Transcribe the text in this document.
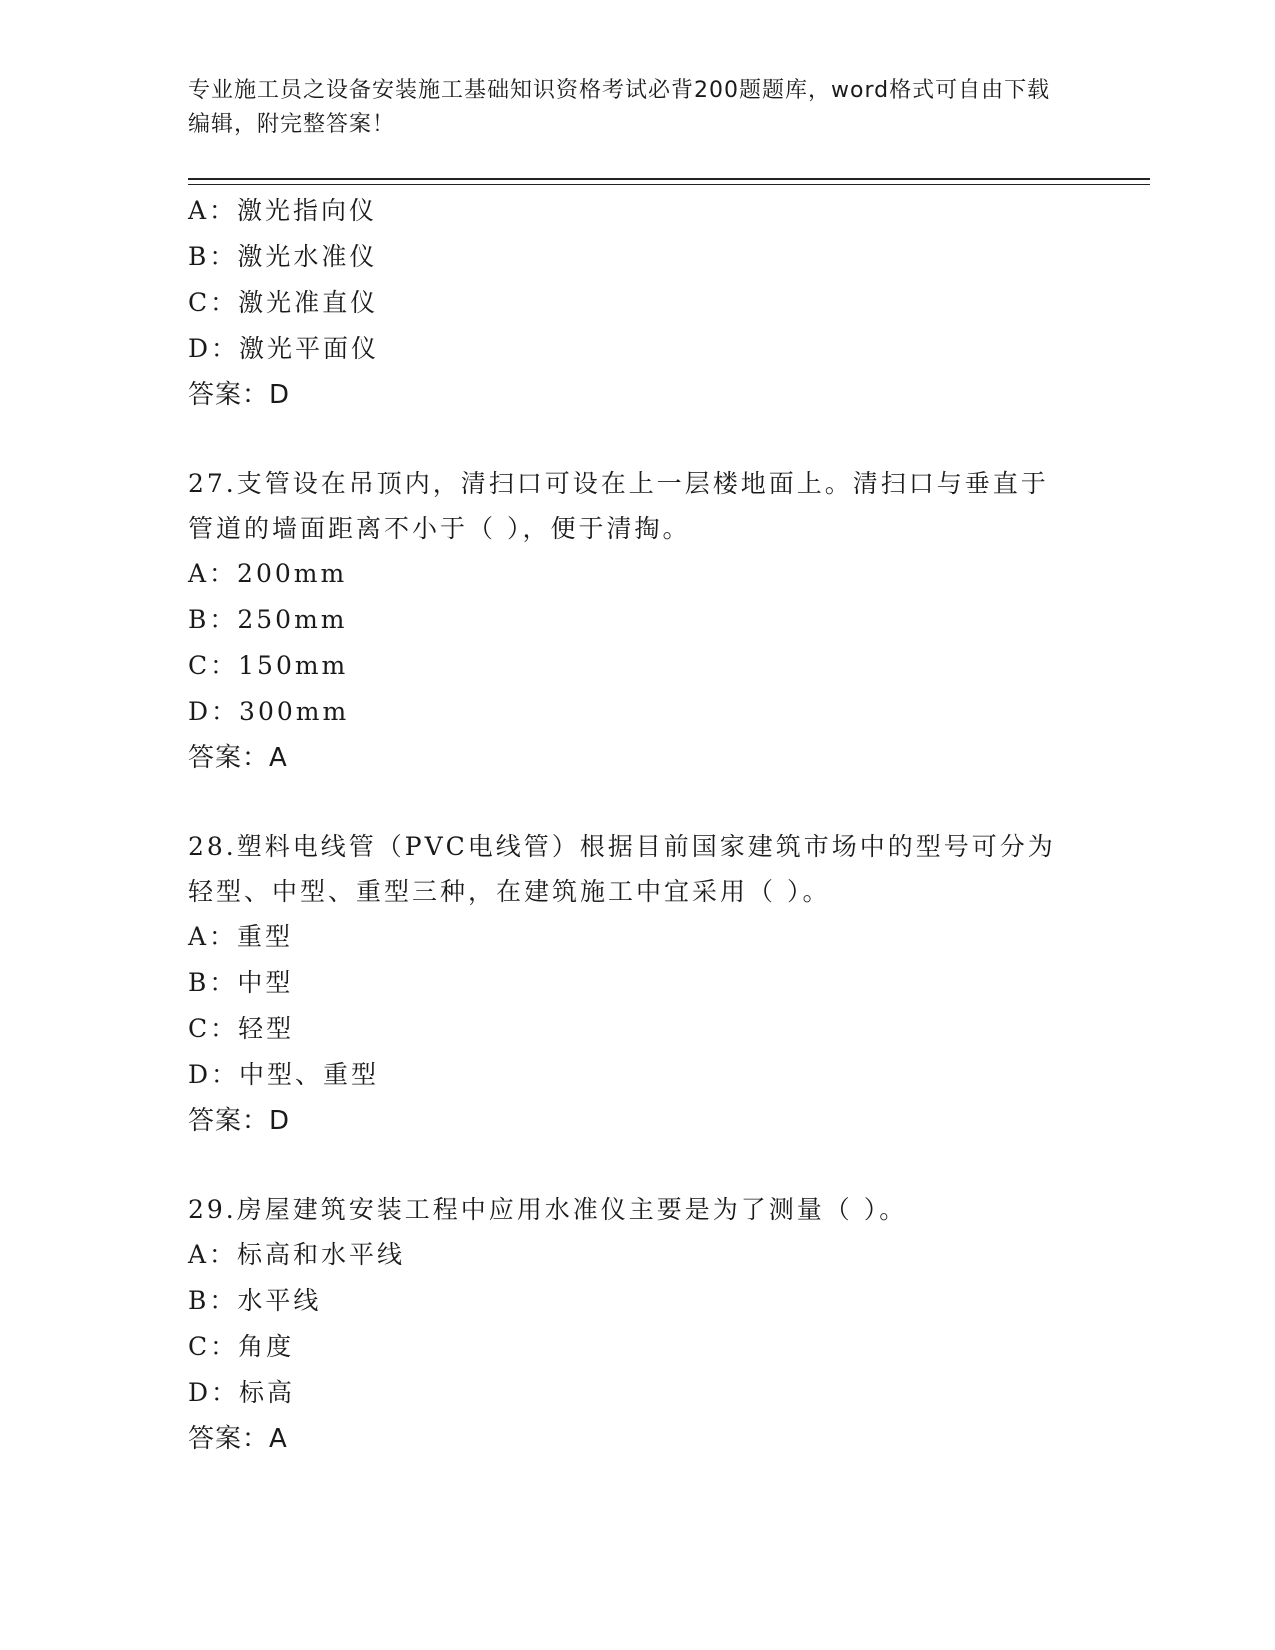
专业施工员之设备安装施工基础知识资格考试必背200题题库，word格式可自由下载编辑，附完整答案！
A：激光指向仪
B：激光水准仪
C：激光准直仪
D：激光平面仪
答案：D
27.支管设在吊顶内，清扫口可设在上一层楼地面上。清扫口与垂直于管道的墙面距离不小于（ ），便于清掏。
A：200mm
B：250mm
C：150mm
D：300mm
答案：A
28.塑料电线管（PVC电线管）根据目前国家建筑市场中的型号可分为轻型、中型、重型三种，在建筑施工中宜采用（ ）。
A：重型
B：中型
C：轻型
D：中型、重型
答案：D
29.房屋建筑安装工程中应用水准仪主要是为了测量（ ）。
A：标高和水平线
B：水平线
C：角度
D：标高
答案：A
